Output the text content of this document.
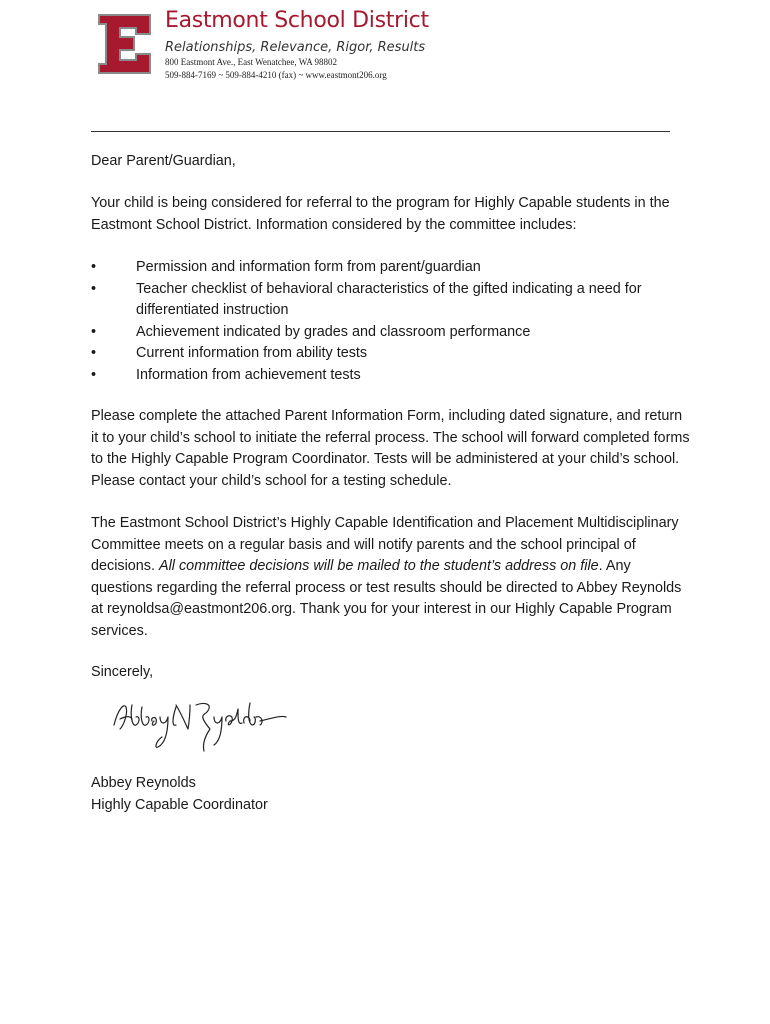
Eastmont School District
Relationships, Relevance, Rigor, Results
800 Eastmont Ave., East Wenatchee, WA 98802
509-884-7169 ~ 509-884-4210 (fax) ~ www.eastmont206.org

Dear Parent/Guardian,

Your child is being considered for referral to the program for Highly Capable students in the Eastmont School District. Information considered by the committee includes:

•	Permission and information form from parent/guardian
•	Teacher checklist of behavioral characteristics of the gifted indicating a need for differentiated instruction
•	Achievement indicated by grades and classroom performance
•	Current information from ability tests
•	Information from achievement tests

Please complete the attached Parent Information Form, including dated signature, and return it to your child’s school to initiate the referral process. The school will forward completed forms to the Highly Capable Program Coordinator. Tests will be administered at your child’s school. Please contact your child’s school for a testing schedule.

The Eastmont School District’s Highly Capable Identification and Placement Multidisciplinary Committee meets on a regular basis and will notify parents and the school principal of decisions. All committee decisions will be mailed to the student’s address on file. Any questions regarding the referral process or test results should be directed to Abbey Reynolds at reynoldsa@eastmont206.org. Thank you for your interest in our Highly Capable Program services.

Sincerely,

Abbey Reynolds

Highly Capable Coordinator
